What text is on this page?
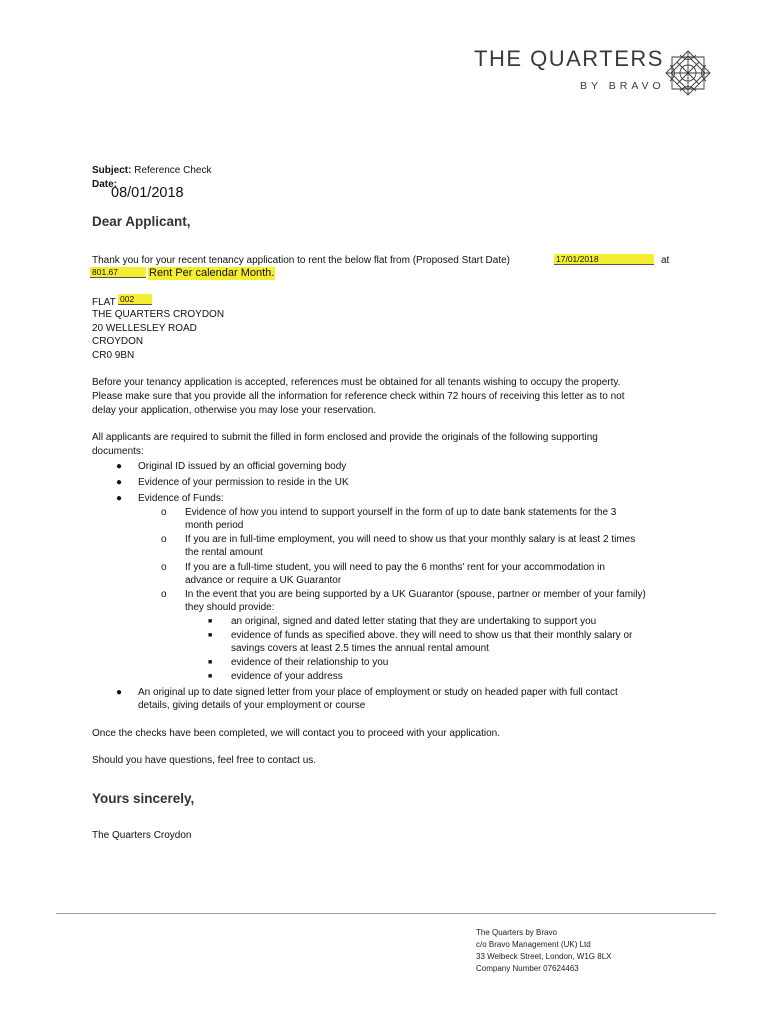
THE QUARTERS
BY BRAVO
Subject: Reference Check
Date:
08/01/2018
Dear Applicant,
Thank you for your recent tenancy application to rent the below flat from (Proposed Start Date)	17/01/2018	at
801.67	Rent Per calendar Month.
FLAT 002
THE QUARTERS CROYDON
20 WELLESLEY ROAD
CROYDON
CR0 9BN
Before your tenancy application is accepted, references must be obtained for all tenants wishing to occupy the property.
Please make sure that you provide all the information for reference check within 72 hours of receiving this letter as to not
delay your application, otherwise you may lose your reservation.
All applicants are required to submit the filled in form enclosed and provide the originals of the following supporting
documents:
● Original ID issued by an official governing body
● Evidence of your permission to reside in the UK
● Evidence of Funds:
o Evidence of how you intend to support yourself in the form of up to date bank statements for the 3
month period
o If you are in full-time employment, you will need to show us that your monthly salary is at least 2 times
the rental amount
o If you are a full-time student, you will need to pay the 6 months' rent for your accommodation in
advance or require a UK Guarantor
o In the event that you are being supported by a UK Guarantor (spouse, partner or member of your family)
they should provide:
■ an original, signed and dated letter stating that they are undertaking to support you
■ evidence of funds as specified above. they will need to show us that their monthly salary or
savings covers at least 2.5 times the annual rental amount
■ evidence of their relationship to you
■ evidence of your address
● An original up to date signed letter from your place of employment or study on headed paper with full contact
details, giving details of your employment or course
Once the checks have been completed, we will contact you to proceed with your application.
Should you have questions, feel free to contact us.
Yours sincerely,
The Quarters Croydon
The Quarters by Bravo
c/o Bravo Management (UK) Ltd
33 Welbeck Street, London, W1G 8LX
Company Number 07624463
